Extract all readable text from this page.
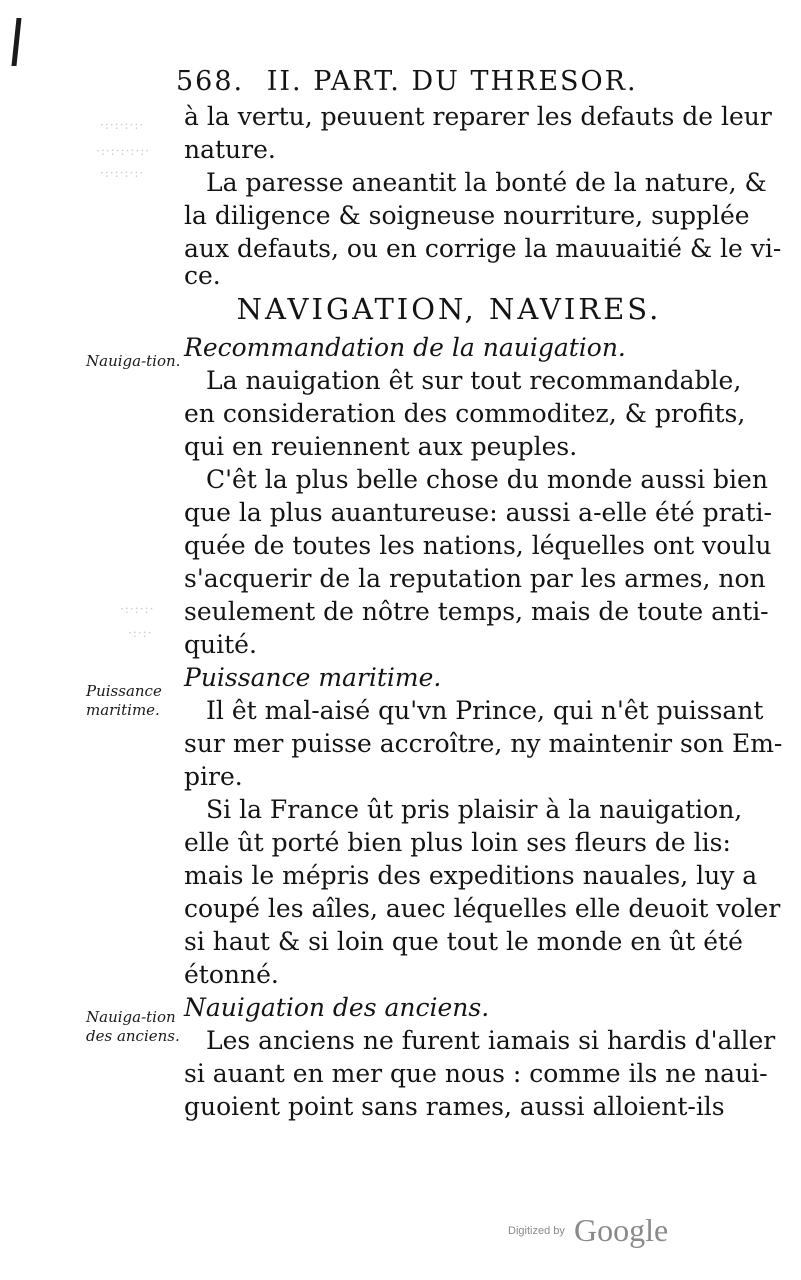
·:·:·:·:·
·:·:·:·:·:·
·:·:·:·:·
·:·:·:·
·:·:·
568. II. PART. DU THRESOR.
Nauiga-tion.
Puissance maritime.
Nauiga-tion des anciens.
à la vertu, peuuent reparer les defauts de leur
nature.
La paresse aneantit la bonté de la nature, &
la diligence & soigneuse nourriture, supplée
aux defauts, ou en corrige la mauuaitié & le vi-
ce.
NAVIGATION, NAVIRES.
Recommandation de la nauigation.
La nauigation êt sur tout recommandable,
en consideration des commoditez, & profits,
qui en reuiennent aux peuples.
C'êt la plus belle chose du monde aussi bien
que la plus auantureuse: aussi a-elle été prati-
quée de toutes les nations, léquelles ont voulu
s'acquerir de la reputation par les armes, non
seulement de nôtre temps, mais de toute anti-
quité.
Puissance maritime.
Il êt mal-aisé qu'vn Prince, qui n'êt puissant
sur mer puisse accroître, ny maintenir son Em-
pire.
Si la France ût pris plaisir à la nauigation,
elle ût porté bien plus loin ses fleurs de lis:
mais le mépris des expeditions nauales, luy a
coupé les aîles, auec léquelles elle deuoit voler
si haut & si loin que tout le monde en ût été
étonné.
Nauigation des anciens.
Les anciens ne furent iamais si hardis d'aller
si auant en mer que nous : comme ils ne naui-
guoient point sans rames, aussi alloient-ils
Digitized by Google
